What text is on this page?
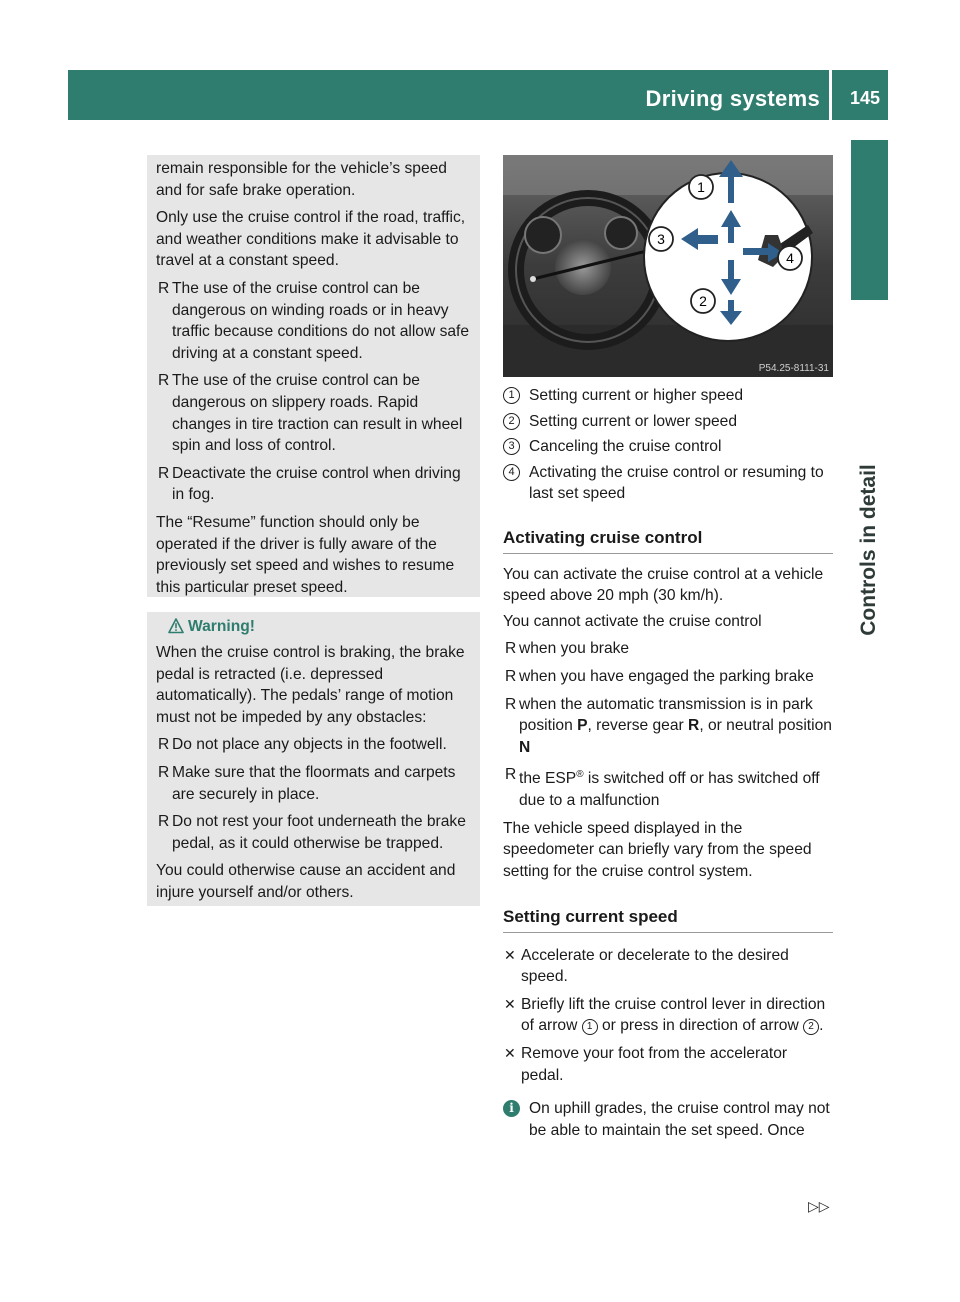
Driving systems 145
Controls in detail

remain responsible for the vehicle’s speed and for safe brake operation.

Only use the cruise control if the road, traffic, and weather conditions make it advisable to travel at a constant speed.

R The use of the cruise control can be dangerous on winding roads or in heavy traffic because conditions do not allow safe driving at a constant speed.
R The use of the cruise control can be dangerous on slippery roads. Rapid changes in tire traction can result in wheel spin and loss of control.
R Deactivate the cruise control when driving in fog.

The “Resume” function should only be operated if the driver is fully aware of the previously set speed and wishes to resume this particular preset speed.

Warning!

When the cruise control is braking, the brake pedal is retracted (i.e. depressed automatically). The pedals’ range of motion must not be impeded by any obstacles:

R Do not place any objects in the footwell.
R Make sure that the floormats and carpets are securely in place.
R Do not rest your foot underneath the brake pedal, as it could otherwise be trapped.

You could otherwise cause an accident and injure yourself and/or others.

1
3
4
2
P54.25-8111-31
1 Setting current or higher speed
2 Setting current or lower speed
3 Canceling the cruise control
4 Activating the cruise control or resuming to last set speed
Activating cruise control

You can activate the cruise control at a vehicle speed above 20 mph (30 km/h).

You cannot activate the cruise control

R when you brake
R when you have engaged the parking brake
R when the automatic transmission is in park position P, reverse gear R, or neutral position N
R the ESP® is switched off or has switched off due to a malfunction

The vehicle speed displayed in the speedometer can briefly vary from the speed setting for the cruise control system.

Setting current speed
✕ Accelerate or decelerate to the desired speed.
✕ Briefly lift the cruise control lever in direction of arrow 1 or press in direction of arrow 2 .
✕ Remove your foot from the accelerator pedal.
i On uphill grades, the cruise control may not be able to maintain the set speed. Once
▷▷
